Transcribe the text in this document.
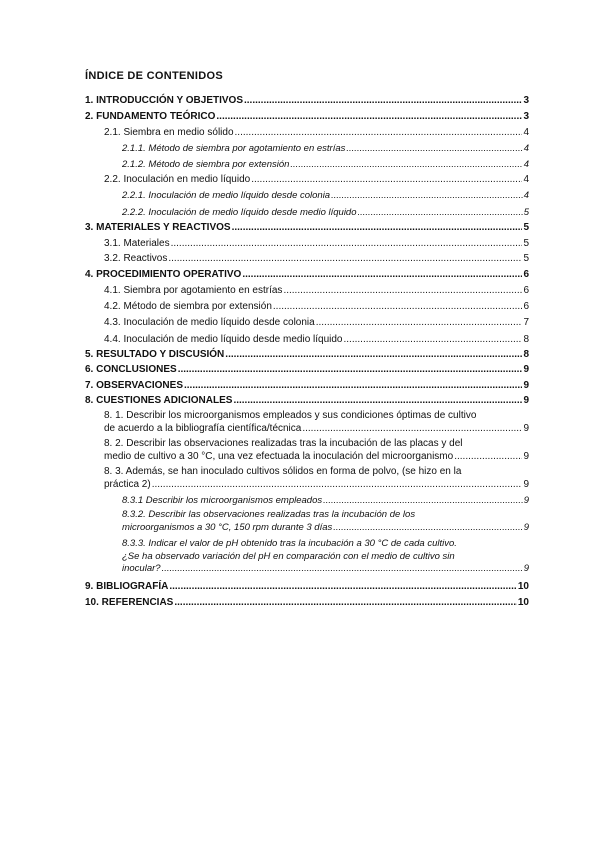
ÍNDICE DE CONTENIDOS
1. INTRODUCCIÓN Y OBJETIVOS .....	3
2. FUNDAMENTO TEÓRICO .....	3
2.1. Siembra en medio sólido .....	4
2.1.1. Método de siembra por agotamiento en estrías .....	4
2.1.2. Método de siembra por extensión .....	4
2.2. Inoculación en medio líquido .....	4
2.2.1. Inoculación de medio líquido desde colonia .....	4
2.2.2. Inoculación de medio líquido desde medio líquido .....	5
3. MATERIALES Y REACTIVOS .....	5
3.1. Materiales .....	5
3.2. Reactivos .....	5
4. PROCEDIMIENTO OPERATIVO .....	6
4.1. Siembra por agotamiento en estrías .....	6
4.2. Método de siembra por extensión .....	6
4.3. Inoculación de medio líquido desde colonia .....	7
4.4. Inoculación de medio líquido desde medio líquido .....	8
5. RESULTADO Y DISCUSIÓN .....	8
6. CONCLUSIONES .....	9
7. OBSERVACIONES .....	9
8. CUESTIONES ADICIONALES .....	9
8. 1. Describir los microorganismos empleados y sus condiciones óptimas de cultivo
de acuerdo a la bibliografía científica/técnica .....	9
8. 2. Describir las observaciones realizadas tras la incubación de las placas y del
medio de cultivo a 30 °C, una vez efectuada la inoculación del microorganismo .....	9
8. 3. Además, se han inoculado cultivos sólidos en forma de polvo, (se hizo en la
práctica 2) .....	9
8.3.1 Describir los microorganismos empleados .....	9
8.3.2. Describir las observaciones realizadas tras la incubación de los
microorganismos a 30 °C, 150 rpm durante 3 días .....	9
8.3.3. Indicar el valor de pH obtenido tras la incubación a 30 °C de cada cultivo.
¿Se ha observado variación del pH en comparación con el medio de cultivo sin
inocular? .....	9
9. BIBLIOGRAFÍA .....	10
10. REFERENCIAS .....	10
